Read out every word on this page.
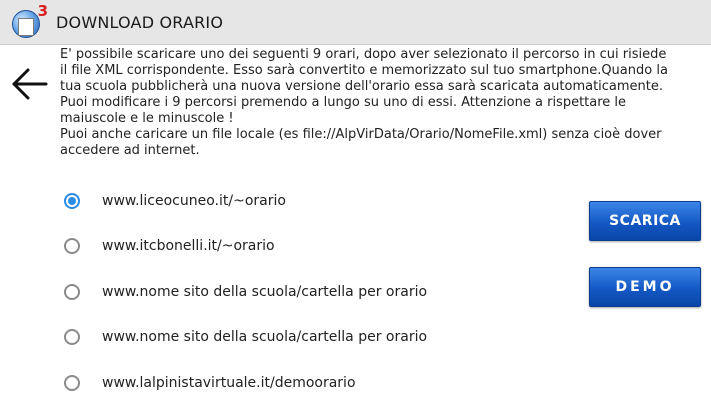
3
DOWNLOAD ORARIO
E' possibile scaricare uno dei seguenti 9 orari, dopo aver selezionato il percorso in cui risiede
il file XML corrispondente. Esso sarà convertito e memorizzato sul tuo smartphone.Quando la
tua scuola pubblicherà una nuova versione dell'orario essa sarà scaricata automaticamente.
Puoi modificare i 9 percorsi premendo a lungo su uno di essi. Attenzione a rispettare le
maiuscole e le minuscole !
Puoi anche caricare un file locale (es file://AlpVirData/Orario/NomeFile.xml) senza cioè dover
accedere ad internet.
www.liceocuneo.it/~orario
www.itcbonelli.it/~orario
www.nome sito della scuola/cartella per orario
www.nome sito della scuola/cartella per orario
www.lalpinistavirtuale.it/demoorario
SCARICA
DEMO
